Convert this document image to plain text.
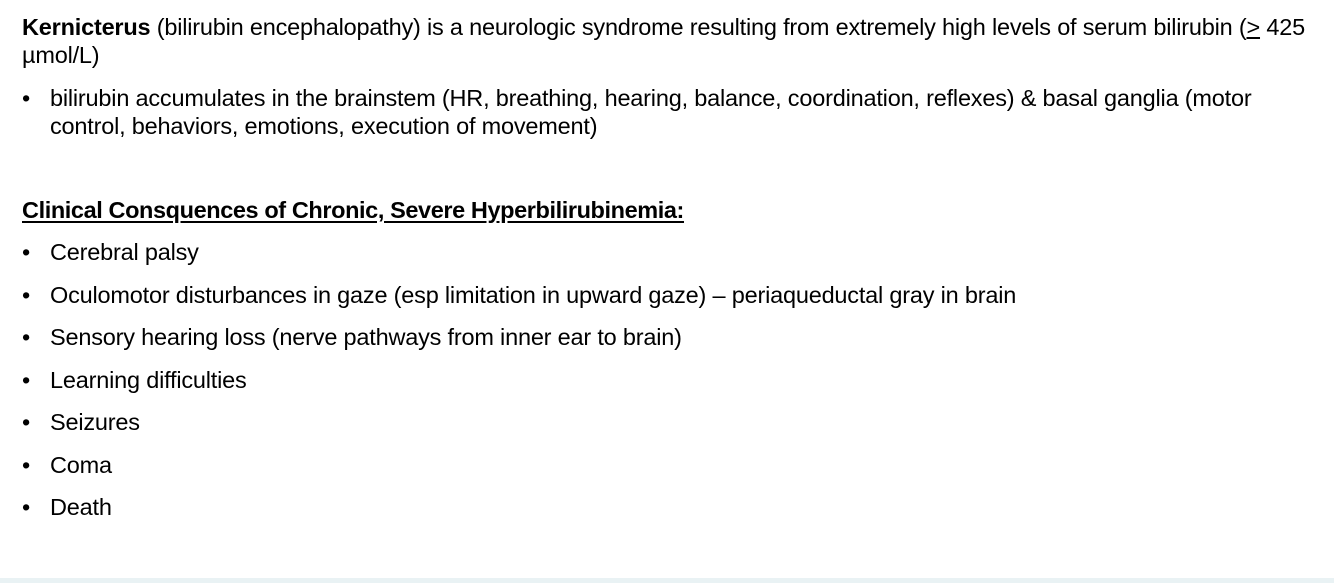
Kernicterus (bilirubin encephalopathy) is a neurologic syndrome resulting from extremely high levels of serum bilirubin (≥ 425 µmol/L)

• bilirubin accumulates in the brainstem (HR, breathing, hearing, balance, coordination, reflexes) & basal ganglia (motor control, behaviors, emotions, execution of movement)

Clinical Consquences of Chronic, Severe Hyperbilirubinemia:

• Cerebral palsy
• Oculomotor disturbances in gaze (esp limitation in upward gaze) – periaqueductal gray in brain
• Sensory hearing loss (nerve pathways from inner ear to brain)
• Learning difficulties
• Seizures
• Coma
• Death
